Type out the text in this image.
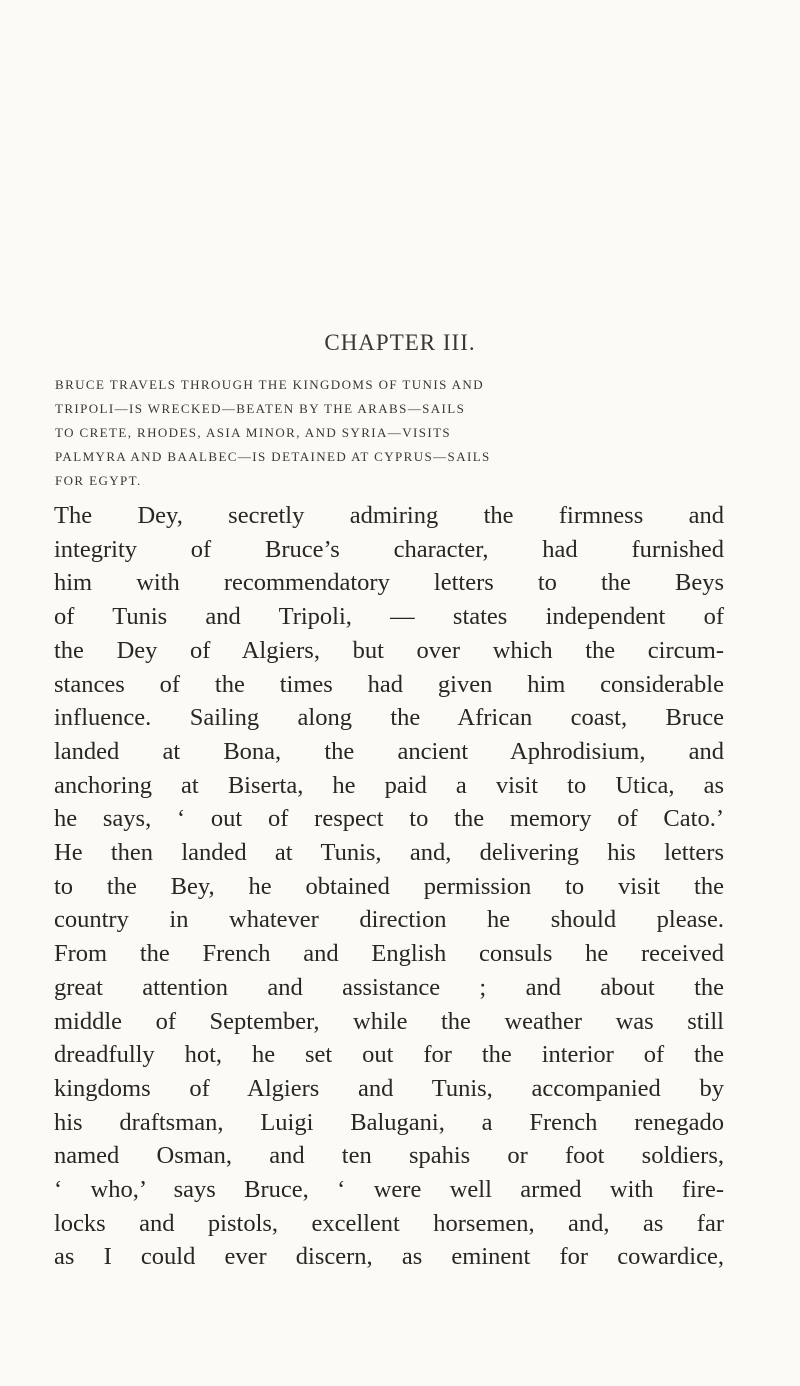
CHAPTER III.
BRUCE TRAVELS THROUGH THE KINGDOMS OF TUNIS AND
TRIPOLI—IS WRECKED—BEATEN BY THE ARABS—SAILS
TO CRETE, RHODES, ASIA MINOR, AND SYRIA—VISITS
PALMYRA AND BAALBEC—IS DETAINED AT CYPRUS—SAILS
FOR EGYPT.
The Dey, secretly admiring the firmness and
integrity of Bruce’s character, had furnished
him with recommendatory letters to the Beys
of Tunis and Tripoli, — states independent of
the Dey of Algiers, but over which the circum-
stances of the times had given him considerable
influence. Sailing along the African coast, Bruce
landed at Bona, the ancient Aphrodisium, and
anchoring at Biserta, he paid a visit to Utica, as
he says, ‘ out of respect to the memory of Cato.’
He then landed at Tunis, and, delivering his letters
to the Bey, he obtained permission to visit the
country in whatever direction he should please.
From the French and English consuls he received
great attention and assistance ; and about the
middle of September, while the weather was still
dreadfully hot, he set out for the interior of the
kingdoms of Algiers and Tunis, accompanied by
his draftsman, Luigi Balugani, a French renegado
named Osman, and ten spahis or foot soldiers,
‘ who,’ says Bruce, ‘ were well armed with fire-
locks and pistols, excellent horsemen, and, as far
as I could ever discern, as eminent for cowardice,
